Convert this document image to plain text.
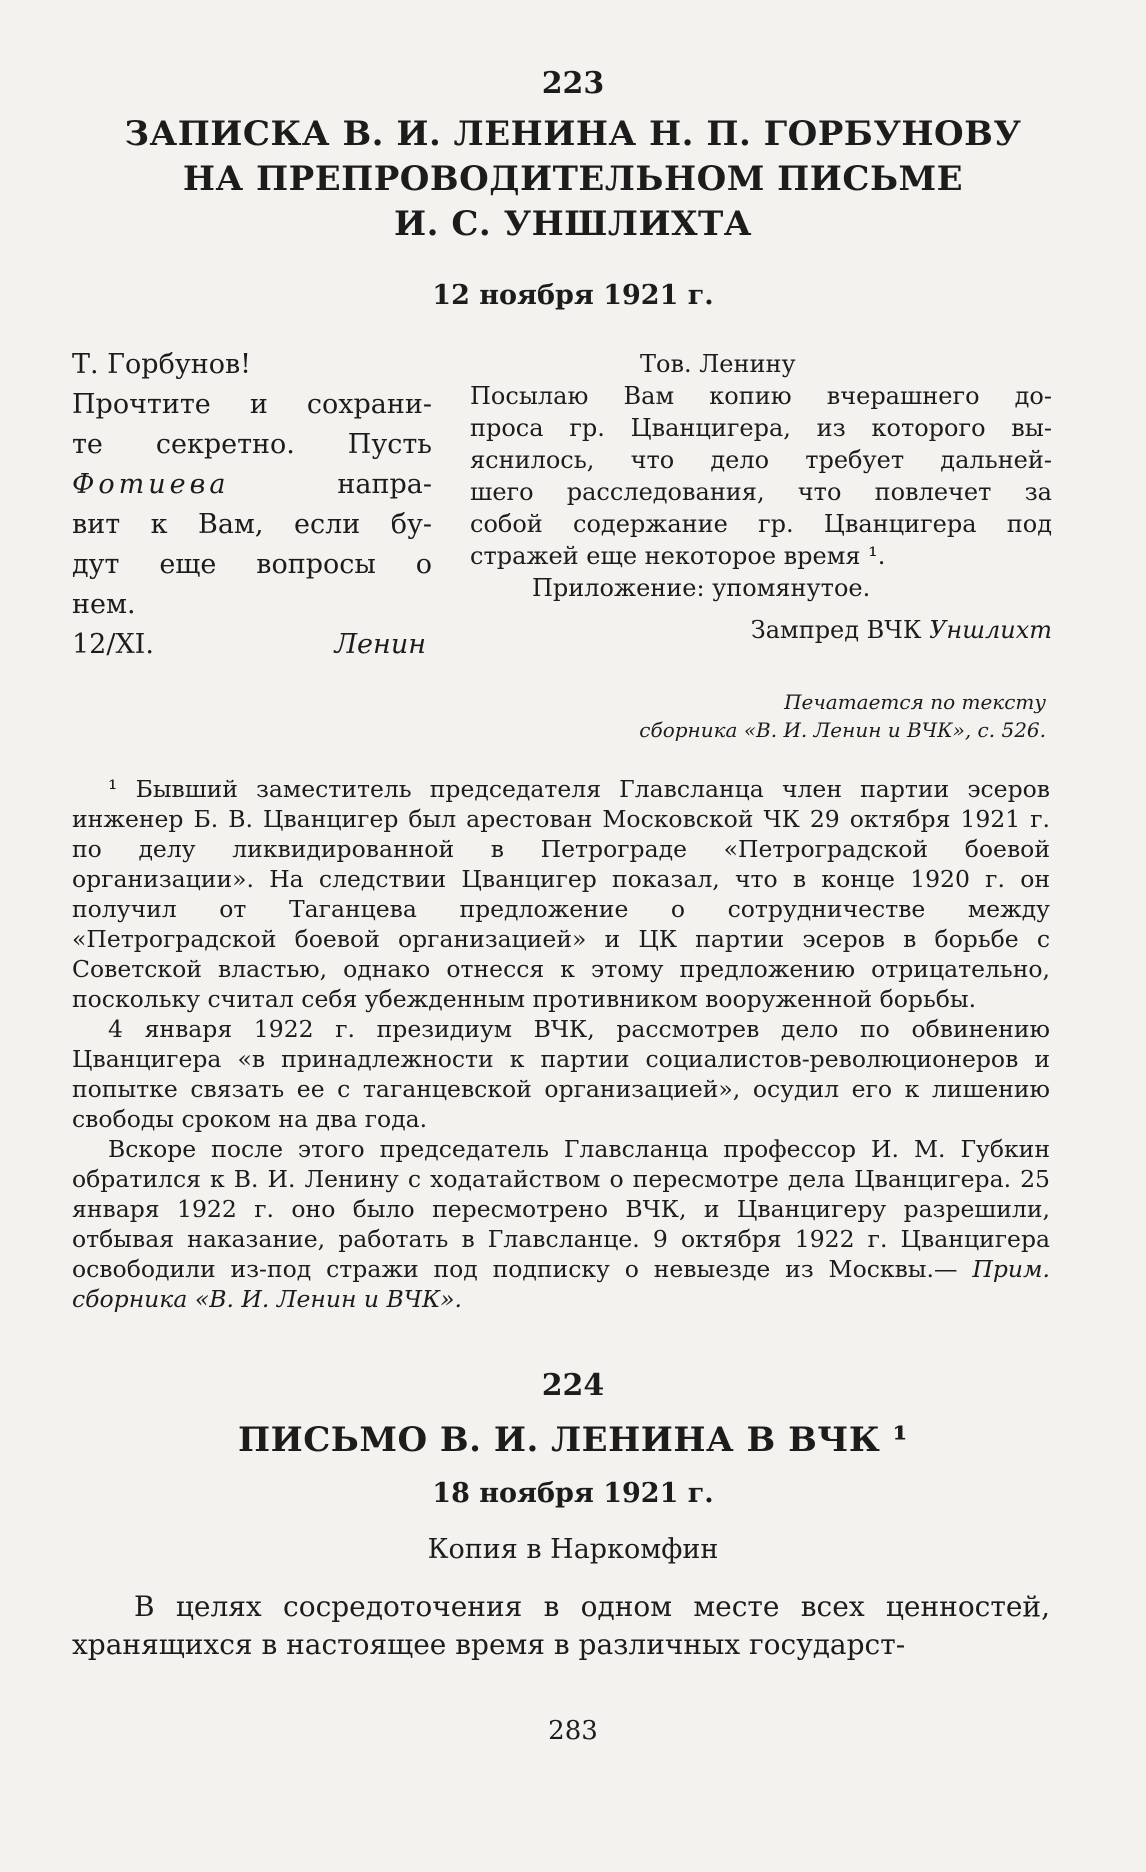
223
ЗАПИСКА В. И. ЛЕНИНА Н. П. ГОРБУНОВУ
НА ПРЕПРОВОДИТЕЛЬНОМ ПИСЬМЕ
И. С. УНШЛИХТА
12 ноября 1921 г.
Т. Горбунов!
Прочтите и сохрани-
те секретно. Пусть
Фотиева	напра-
вит к Вам, если бу-
дут еще вопросы о
нем.
12/XI.	Ленин
Тов. Ленину
Посылаю Вам копию вчерашнего до-
проса гр. Цванцигера, из которого вы-
яснилось, что дело требует дальней-
шего расследования, что повлечет за
собой содержание гр. Цванцигера под
стражей еще некоторое время ¹.
Приложение: упомянутое.
Зампред ВЧК Уншлихт
Печатается по тексту
сборника «В. И. Ленин и ВЧК», с. 526.

¹ Бывший заместитель председателя Главсланца член партии эсеров инженер Б. В. Цванцигер был арестован Московской ЧК 29 октября 1921 г. по делу ликвидированной в Петрограде «Петроградской боевой организации». На следствии Цванцигер показал, что в конце 1920 г. он получил от Таганцева предложение о сотрудничестве между «Петроградской боевой организацией» и ЦК партии эсеров в борьбе с Советской властью, однако отнесся к этому предложению отрицательно, поскольку считал себя убежденным противником вооруженной борьбы.

4 января 1922 г. президиум ВЧК, рассмотрев дело по обвинению Цванцигера «в принадлежности к партии социалистов-революционеров и попытке связать ее с таганцевской организацией», осудил его к лишению свободы сроком на два года.

Вскоре после этого председатель Главсланца профессор И. М. Губкин обратился к В. И. Ленину с ходатайством о пересмотре дела Цванцигера. 25 января 1922 г. оно было пересмотрено ВЧК, и Цванцигеру разрешили, отбывая наказание, работать в Главсланце. 9 октября 1922 г. Цванцигера освободили из-под стражи под подписку о невыезде из Москвы.— Прим. сборника «В. И. Ленин и ВЧК».

224
ПИСЬМО В. И. ЛЕНИНА В ВЧК ¹
18 ноября 1921 г.
Копия в Наркомфин
В целях сосредоточения в одном месте всех ценностей, хранящихся в настоящее время в различных государст-
283
